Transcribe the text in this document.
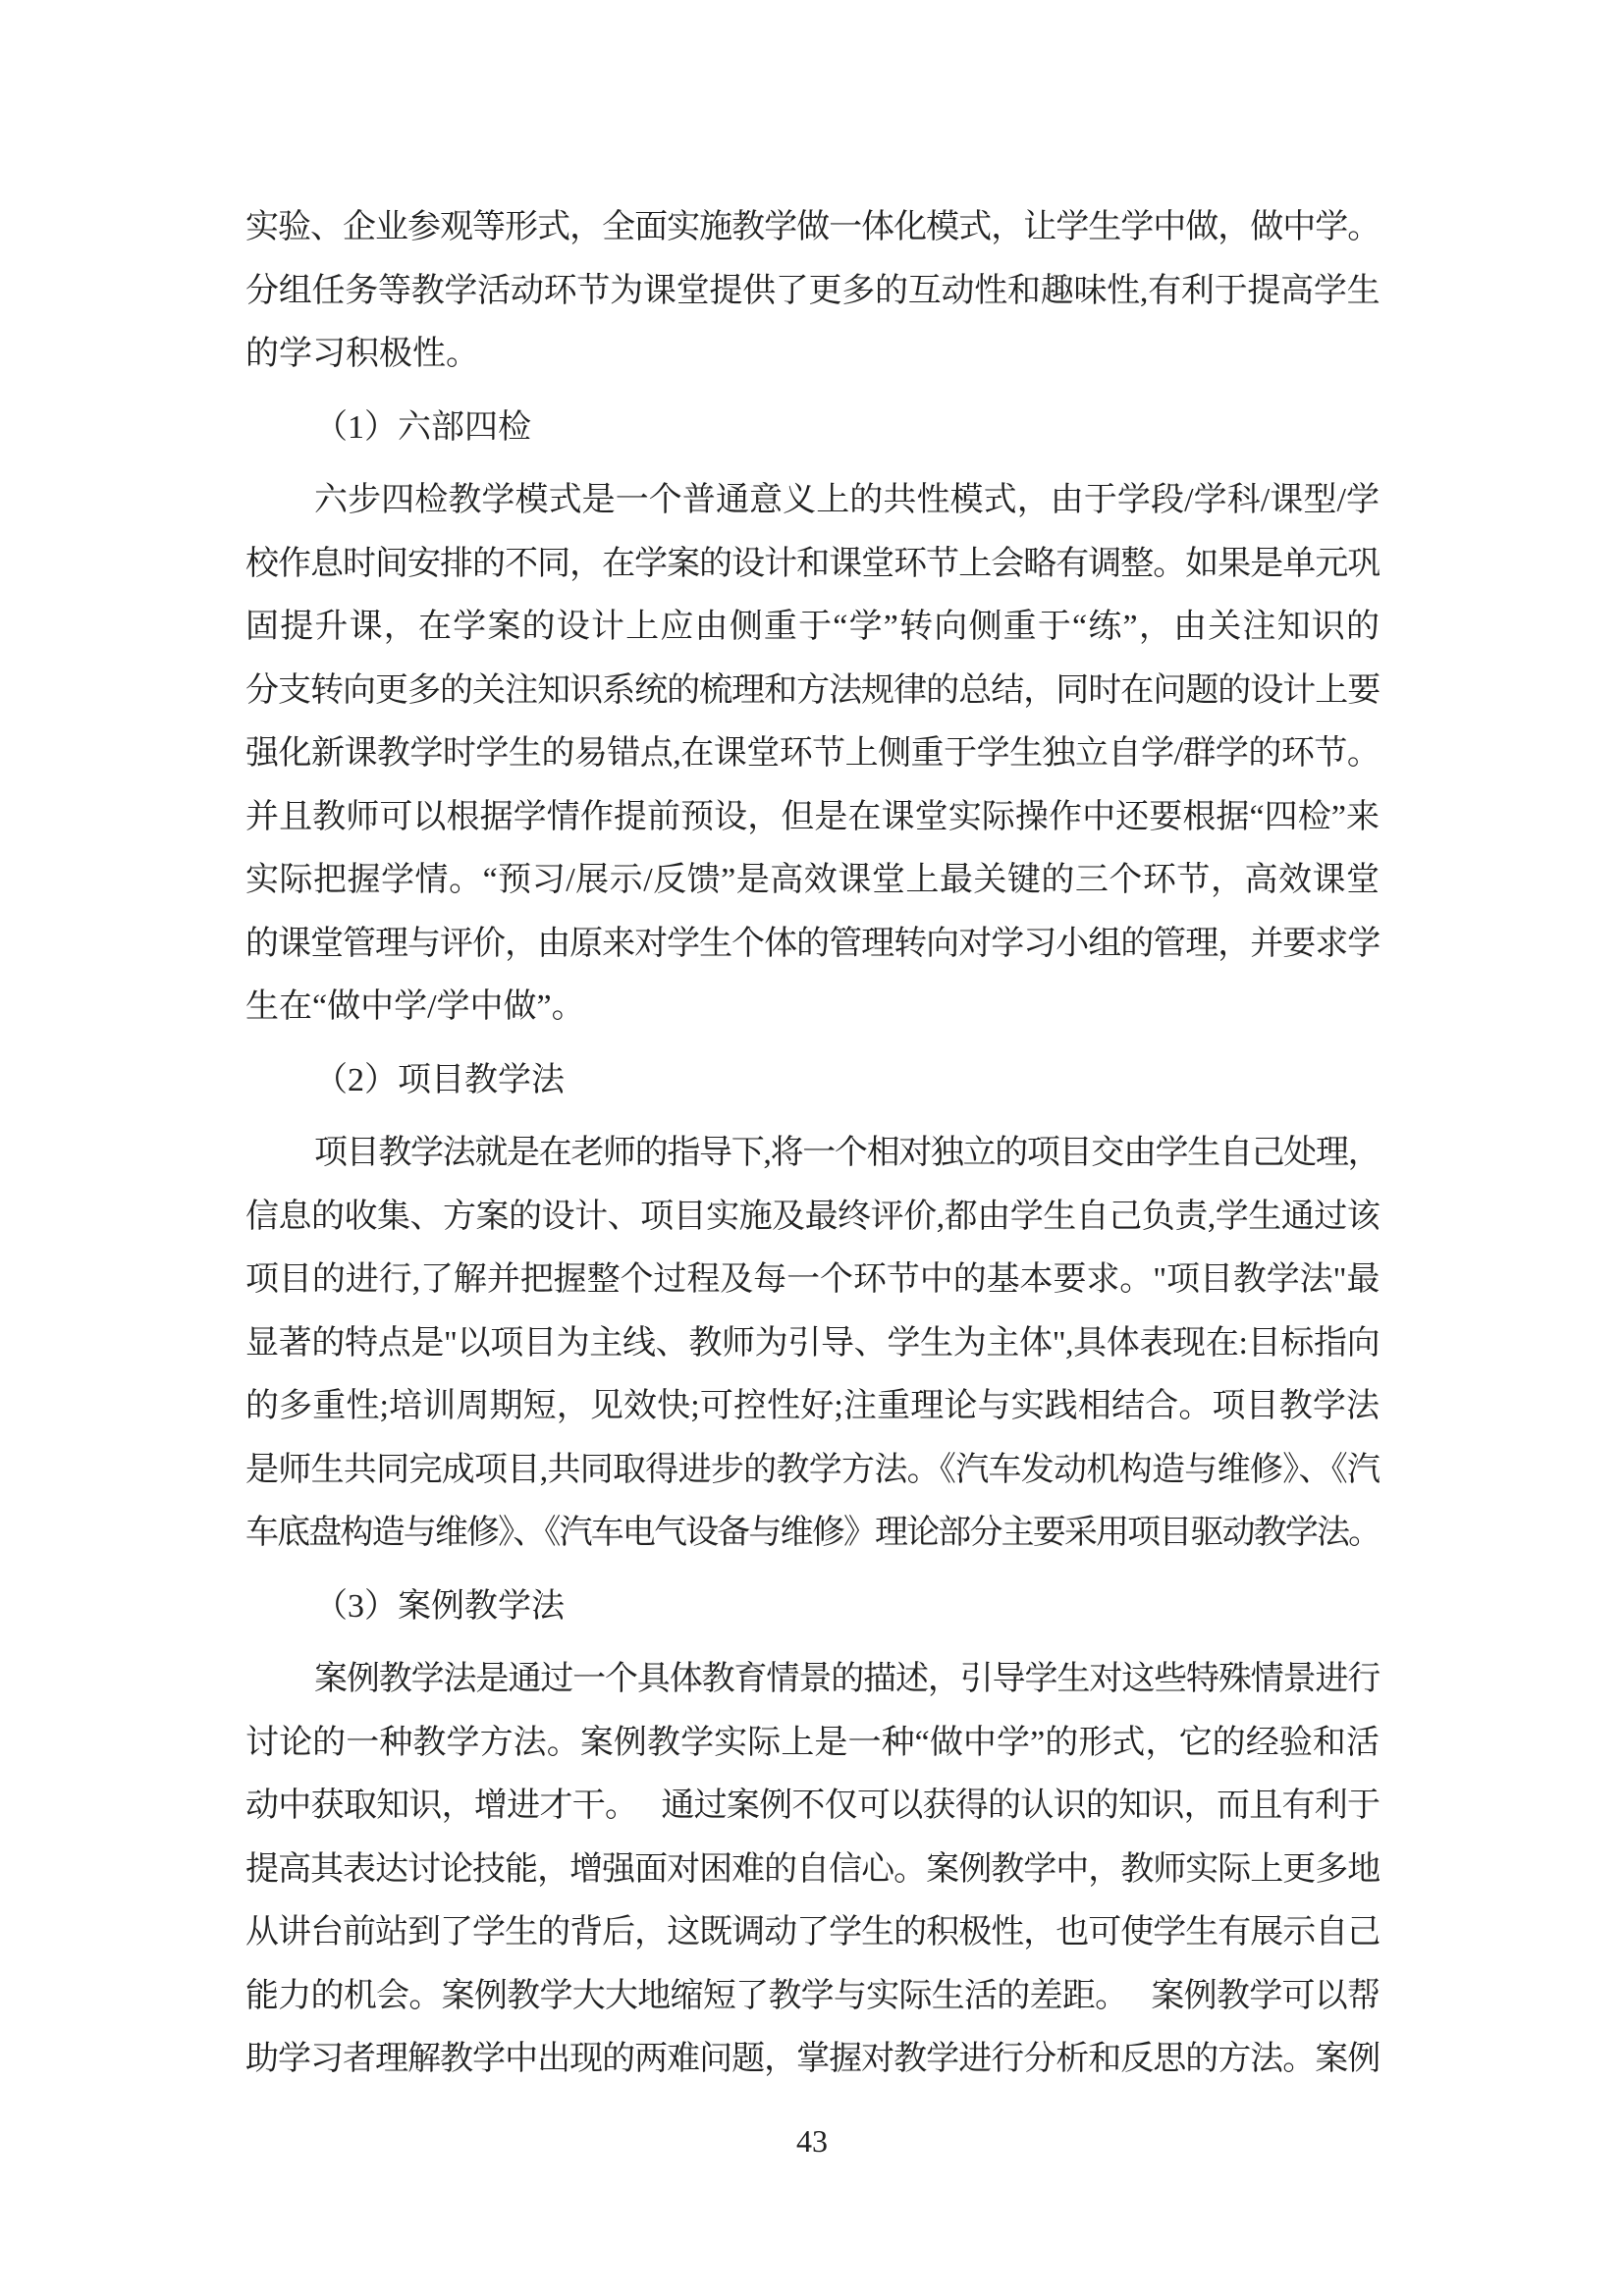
实验、企业参观等形式，全面实施教学做一体化模式，让学生学中做，做中学。
分组任务等教学活动环节为课堂提供了更多的互动性和趣味性,有利于提高学生
的学习积极性。
（1）六部四检
六步四检教学模式是一个普通意义上的共性模式，由于学段/学科/课型/学
校作息时间安排的不同，在学案的设计和课堂环节上会略有调整。如果是单元巩
固提升课，在学案的设计上应由侧重于“学”转向侧重于“练”，由关注知识的
分支转向更多的关注知识系统的梳理和方法规律的总结，同时在问题的设计上要
强化新课教学时学生的易错点,在课堂环节上侧重于学生独立自学/群学的环节。
并且教师可以根据学情作提前预设，但是在课堂实际操作中还要根据“四检”来
实际把握学情。“预习/展示/反馈”是高效课堂上最关键的三个环节，高效课堂
的课堂管理与评价，由原来对学生个体的管理转向对学习小组的管理，并要求学
生在“做中学/学中做”。
（2）项目教学法
项目教学法就是在老师的指导下,将一个相对独立的项目交由学生自己处理，
信息的收集、方案的设计、项目实施及最终评价,都由学生自己负责,学生通过该
项目的进行,了解并把握整个过程及每一个环节中的基本要求。"项目教学法"最
显著的特点是"以项目为主线、教师为引导、学生为主体",具体表现在:目标指向
的多重性;培训周期短，见效快;可控性好;注重理论与实践相结合。项目教学法
是师生共同完成项目,共同取得进步的教学方法。《汽车发动机构造与维修》、《汽
车底盘构造与维修》、《汽车电气设备与维修》理论部分主要采用项目驱动教学法。
（3）案例教学法
案例教学法是通过一个具体教育情景的描述，引导学生对这些特殊情景进行
讨论的一种教学方法。案例教学实际上是一种“做中学”的形式，它的经验和活
动中获取知识，增进才干。　 通过案例不仅可以获得的认识的知识，而且有利于
提高其表达讨论技能，增强面对困难的自信心。案例教学中，教师实际上更多地
从讲台前站到了学生的背后，这既调动了学生的积极性，也可使学生有展示自己
能力的机会。案例教学大大地缩短了教学与实际生活的差距。　 案例教学可以帮
助学习者理解教学中出现的两难问题，掌握对教学进行分析和反思的方法。案例
43
